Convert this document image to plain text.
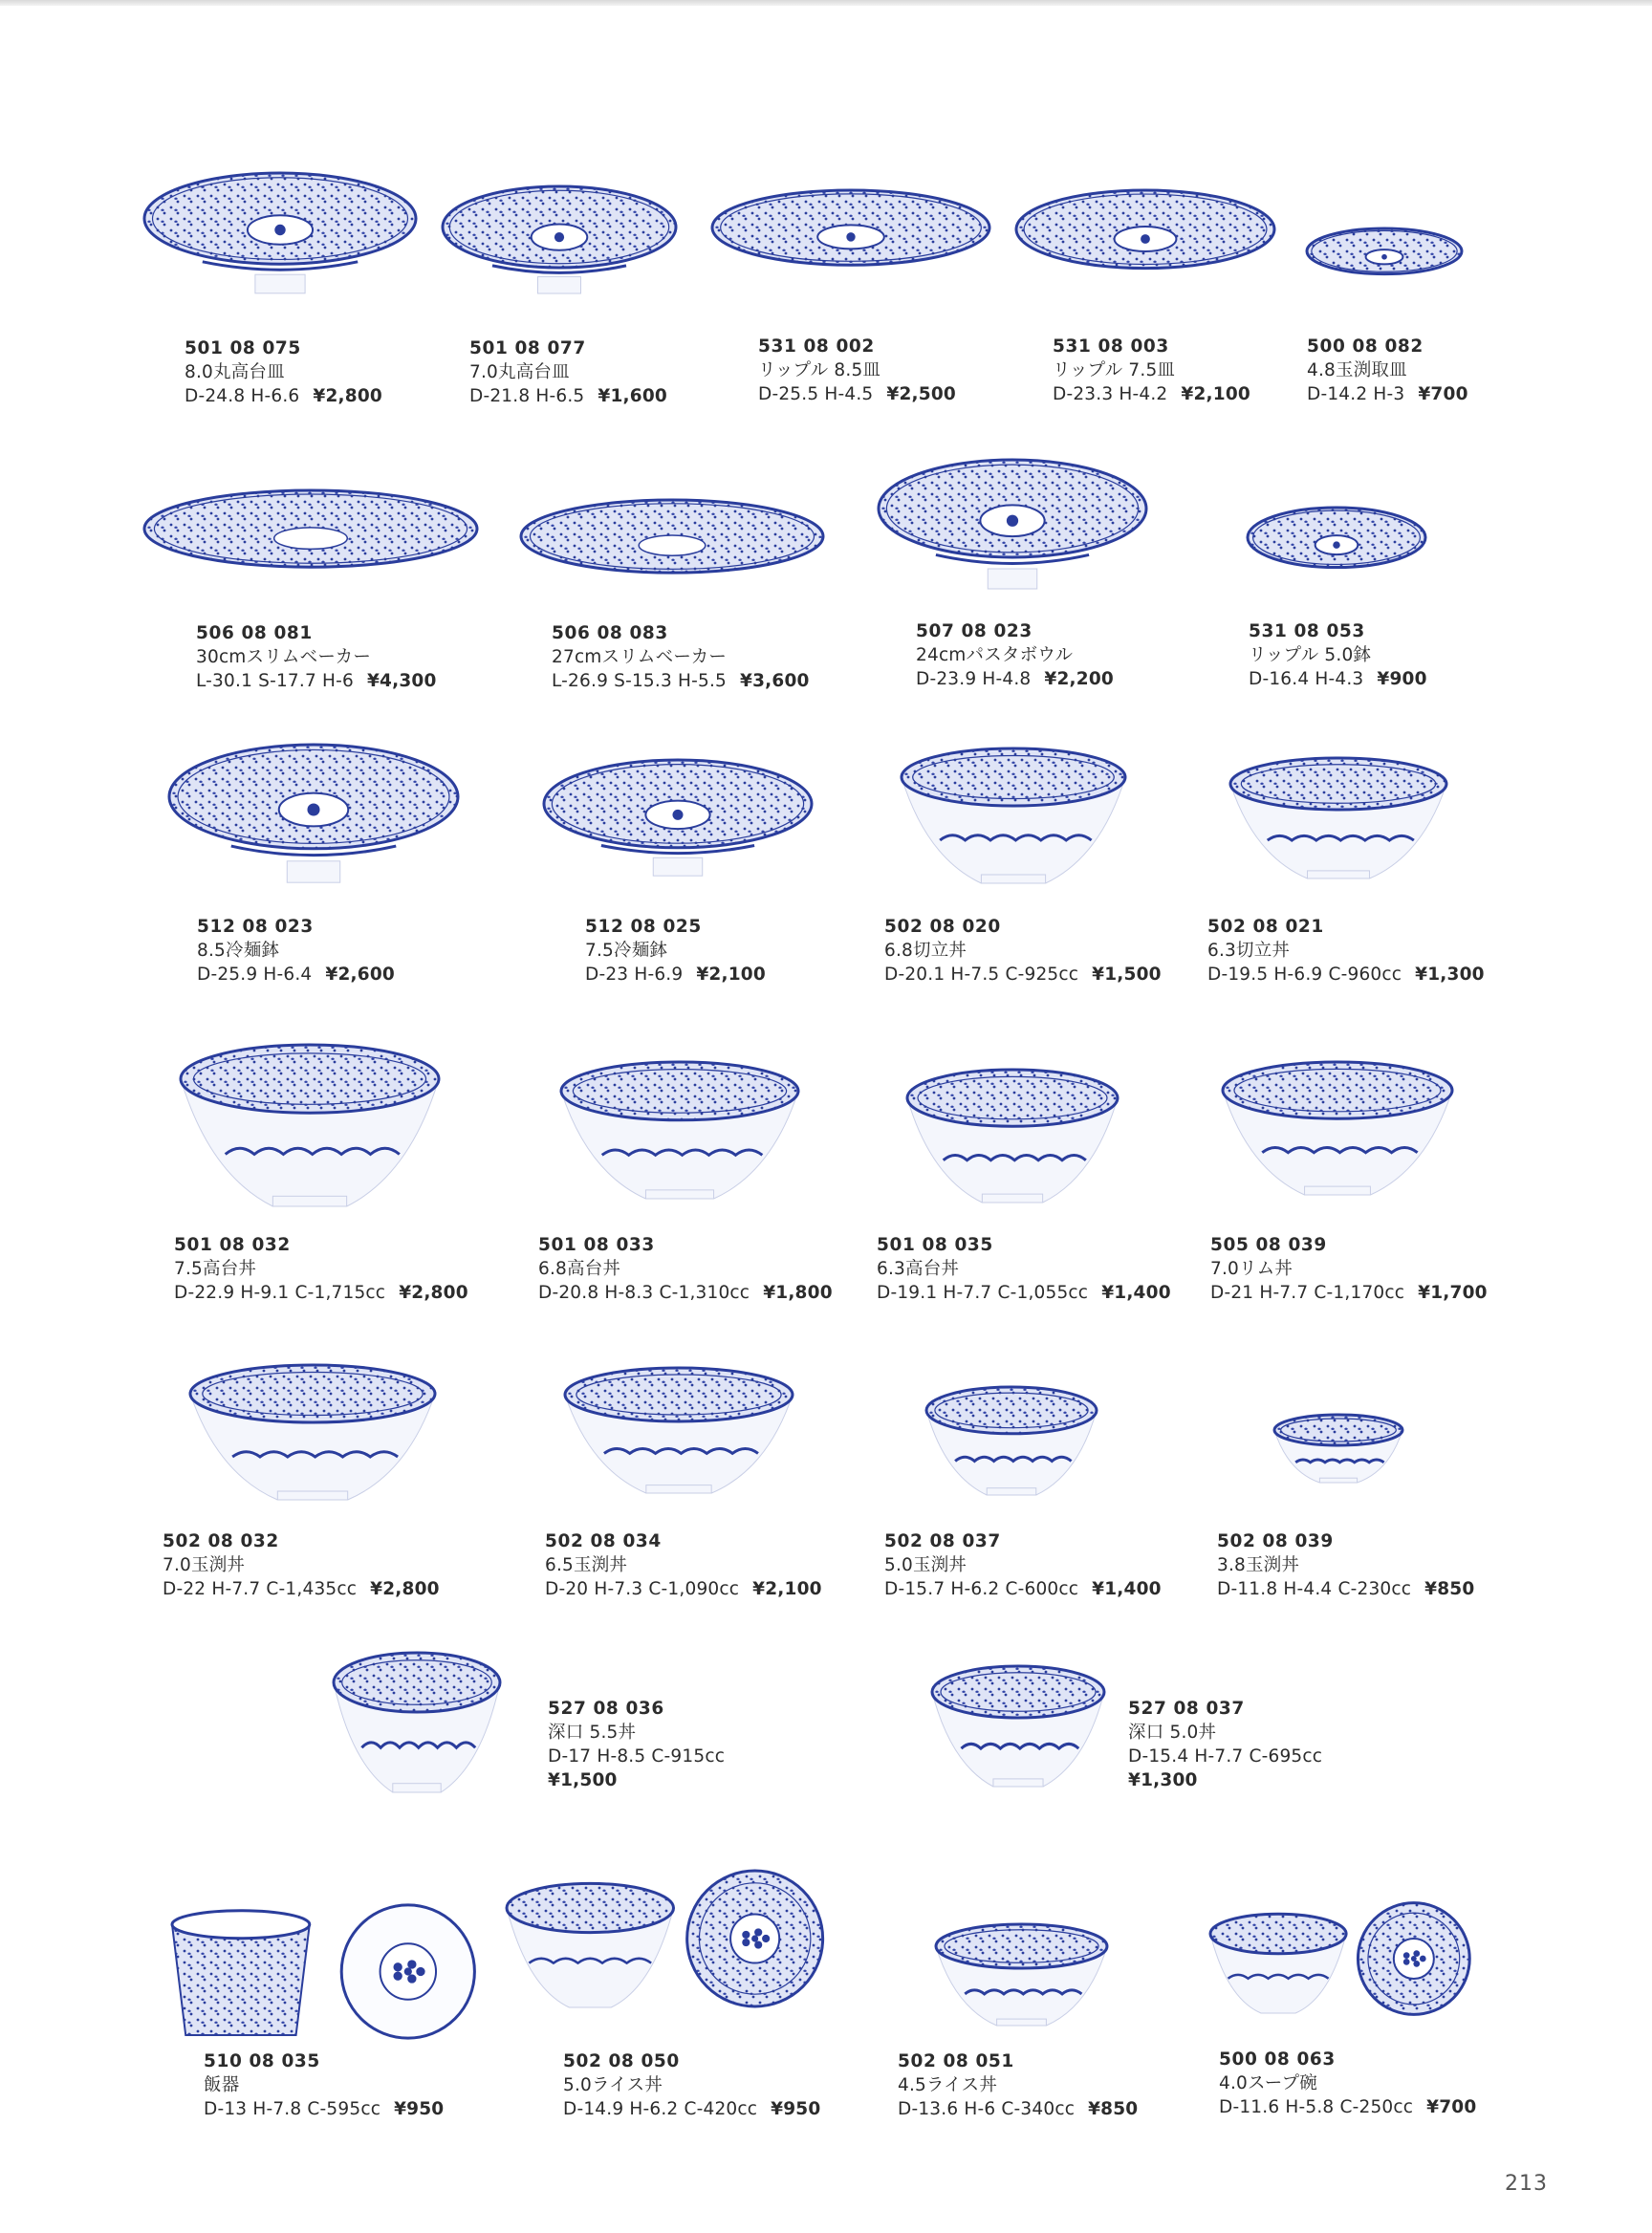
501 08 075
8.0丸高台皿
D-24.8 H-6.6 ¥2,800
501 08 077
7.0丸高台皿
D-21.8 H-6.5 ¥1,600
531 08 002
リップル 8.5皿
D-25.5 H-4.5 ¥2,500
531 08 003
リップル 7.5皿
D-23.3 H-4.2 ¥2,100
500 08 082
4.8玉渕取皿
D-14.2 H-3 ¥700
506 08 081
30cmスリムベーカー
L-30.1 S-17.7 H-6 ¥4,300
506 08 083
27cmスリムベーカー
L-26.9 S-15.3 H-5.5 ¥3,600
507 08 023
24cmパスタボウル
D-23.9 H-4.8 ¥2,200
531 08 053
リップル 5.0鉢
D-16.4 H-4.3 ¥900
512 08 023
8.5冷麺鉢
D-25.9 H-6.4 ¥2,600
512 08 025
7.5冷麺鉢
D-23 H-6.9 ¥2,100
502 08 020
6.8切立丼
D-20.1 H-7.5 C-925cc ¥1,500
502 08 021
6.3切立丼
D-19.5 H-6.9 C-960cc ¥1,300
501 08 032
7.5高台丼
D-22.9 H-9.1 C-1,715cc ¥2,800
501 08 033
6.8高台丼
D-20.8 H-8.3 C-1,310cc ¥1,800
501 08 035
6.3高台丼
D-19.1 H-7.7 C-1,055cc ¥1,400
505 08 039
7.0リム丼
D-21 H-7.7 C-1,170cc ¥1,700
502 08 032
7.0玉渕丼
D-22 H-7.7 C-1,435cc ¥2,800
502 08 034
6.5玉渕丼
D-20 H-7.3 C-1,090cc ¥2,100
502 08 037
5.0玉渕丼
D-15.7 H-6.2 C-600cc ¥1,400
502 08 039
3.8玉渕丼
D-11.8 H-4.4 C-230cc ¥850
527 08 036
深口 5.5丼
D-17 H-8.5 C-915cc
¥1,500
527 08 037
深口 5.0丼
D-15.4 H-7.7 C-695cc
¥1,300
510 08 035
飯器
D-13 H-7.8 C-595cc ¥950
502 08 050
5.0ライス丼
D-14.9 H-6.2 C-420cc ¥950
502 08 051
4.5ライス丼
D-13.6 H-6 C-340cc ¥850
500 08 063
4.0スープ碗
D-11.6 H-5.8 C-250cc ¥700
213
